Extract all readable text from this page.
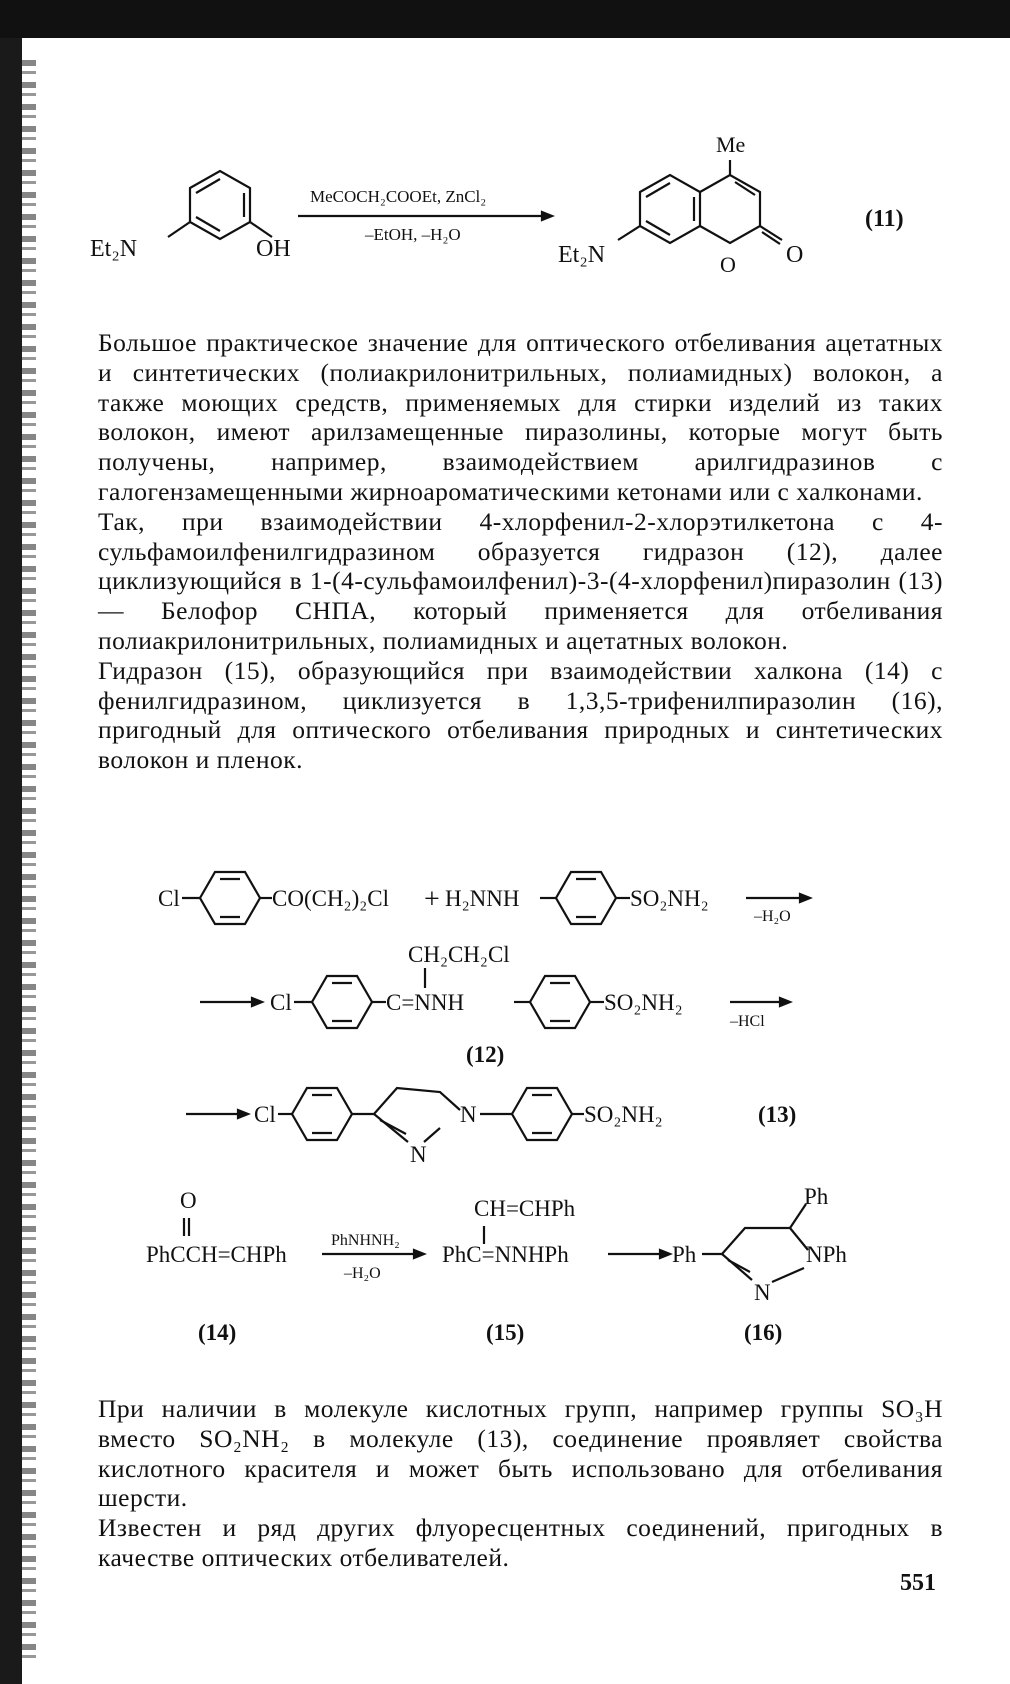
Et₂N	OH
MeCOCH₂COOEt, ZnCl₂
–EtOH, –H₂O
Me
Et₂N	O O
(11)

Большое практическое значение для оптического отбеливания ацетатных и синтетических (полиакрилонитрильных, полиамидных) волокон, а также моющих средств, применяемых для стирки изделий из таких волокон, имеют арилзамещенные пиразолины, которые могут быть получены, например, взаимодействием арилгидразинов с галогензамещенными жирноароматическими кетонами или с халконами.

Так, при взаимодействии 4-хлорфенил-2-хлорэтилкетона с 4-сульфамоилфенилгидразином образуется гидразон (12), далее циклизующийся в 1-(4-сульфамоилфенил)-3-(4-хлорфенил)пиразолин (13) — Белофор СНПА, который применяется для отбеливания полиакрилонитрильных, полиамидных и ацетатных волокон.

Гидразон (15), образующийся при взаимодействии халкона (14) с фенилгидразином, циклизуется в 1,3,5-трифенилпиразолин (16), пригодный для оптического отбеливания природных и синтетических волокон и пленок.

Cl	CO(CH₂)₂Cl + H₂NNH	SO₂NH₂
–H₂O
CH₂CH₂Cl
Cl	C=NNH	SO₂NH₂
–HCl
(12)
Cl	N
N
SO₂NH₂	(13)
O
PhCCH=CHPh
PhNHNH₂
–H₂O
CH=CHPh
PhC=NNHPh	Ph
Ph
NPh
N
(14)	(15)	(16)

При наличии в молекуле кислотных групп, например группы SO₃H вместо SO₂NH₂ в молекуле (13), соединение проявляет свойства кислотного красителя и может быть использовано для отбеливания шерсти.

Известен и ряд других флуоресцентных соединений, пригодных в качестве оптических отбеливателей.

551
